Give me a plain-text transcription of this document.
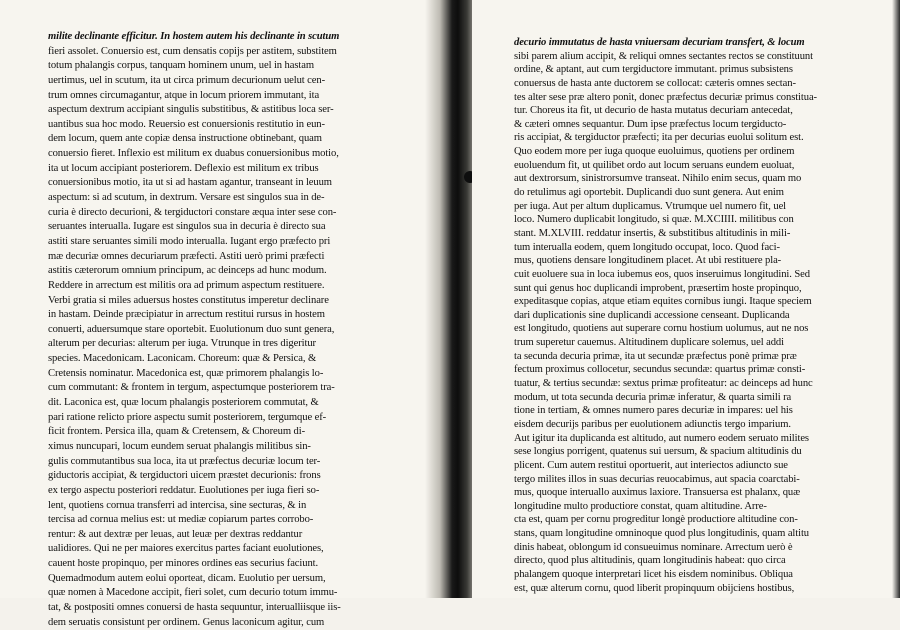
milite declinante efficitur. In hostem autem his declinante in scutum
fieri assolet. Conuersio est, cum densatis copijs per astitem, substitem
totum phalangis corpus, tanquam hominem unum, uel in hastam
uertimus, uel in scutum, ita ut circa primum decurionum uelut cen-
trum omnes circumagantur, atque in locum priorem immutant, ita
aspectum dextrum accipiant singulis substitibus, & astitibus loca ser-
uantibus sua hoc modo. Reuersio est conuersionis restitutio in eun-
dem locum, quem ante copiæ densa instructione obtinebant, quam
conuersio fieret. Inflexio est militum ex duabus conuersionibus motio,
ita ut locum accipiant posteriorem. Deflexio est militum ex tribus
conuersionibus motio, ita ut si ad hastam agantur, transeant in leuum
aspectum: si ad scutum, in dextrum. Versare est singulos sua in de-
curia è directo decurioni, & tergiductori constare æqua inter sese con-
seruantes interualla. Iugare est singulos sua in decuria è directo sua
astiti stare seruantes simili modo interualla. Iugant ergo præfecto pri
mæ decuriæ omnes decuriarum præfecti. Astiti uerò primi præfecti
astitis cæterorum omnium principum, ac deinceps ad hunc modum.
Reddere in arrectum est militis ora ad primum aspectum restituere.
Verbi gratia si miles aduersus hostes constitutus imperetur declinare
in hastam. Deinde præcipiatur in arrectum restitui rursus in hostem
conuerti, aduersumque stare oportebit. Euolutionum duo sunt genera,
alterum per decurias: alterum per iuga. Vtrunque in tres digeritur
species. Macedonicam. Laconicam. Choreum: quæ & Persica, &
Cretensis nominatur. Macedonica est, quæ primorem phalangis lo-
cum commutant: & frontem in tergum, aspectumque posteriorem tra-
dit. Laconica est, quæ locum phalangis posteriorem commutat, &
pari ratione relicto priore aspectu sumit posteriorem, tergumque ef-
ficit frontem. Persica illa, quam & Cretensem, & Choreum di-
ximus nuncupari, locum eundem seruat phalangis militibus sin-
gulis commutantibus sua loca, ita ut præfectus decuriæ locum ter-
giductoris accipiat, & tergiductori uicem præstet decurionis: frons
ex tergo aspectu posteriori reddatur. Euolutiones per iuga fieri so-
lent, quotiens cornua transferri ad intercisa, sine secturas, & in
tercisa ad cornua melius est: ut mediæ copiarum partes corrobo-
rentur: & aut dextræ per leuas, aut leuæ per dextras reddantur
ualidiores. Qui ne per maiores exercitus partes faciant euolutiones,
cauent hoste propinquo, per minores ordines eas securius faciunt.
Quemadmodum autem eolui oporteat, dicam. Euolutio per uersum,
quæ nomen à Macedone accipit, fieri solet, cum decurio totum immu-
tat, & postpositi omnes conuersi de hasta sequuntur, interualliisque iis-
dem seruatis consistunt per ordinem. Genus laconicum agitur, cum
decurio immutatus de hasta vniuersam decuriam transfert, & locum
sibi parem alium accipit, & reliqui omnes sectantes rectos se constituunt
ordine, & aptant, aut cum tergiductore immutant. primus subsistens
conuersus de hasta ante ductorem se collocat: cæteris omnes sectan-
tes alter sese præ altero ponit, donec præfectus decuriæ primus constitua-
tur. Choreus ita fit, ut decurio de hasta mutatus decuriam antecedat,
& cæteri omnes sequantur. Dum ipse præfectus locum tergiducto-
ris accipiat, & tergiductor præfecti; ita per decurias euolui solitum est.
Quo eodem more per iuga quoque euoluimus, quotiens per ordinem
euoluendum fit, ut quilibet ordo aut locum seruans eundem euoluat,
aut dextrorsum, sinistrorsumve transeat. Nihilo enim secus, quam mo
do retulimus agi oportebit. Duplicandi duo sunt genera. Aut enim
per iuga. Aut per altum duplicamus. Vtrumque uel numero fit, uel
loco. Numero duplicabit longitudo, si quæ. M.XCIIII. militibus con
stant. M.XLVIII. reddatur insertis, & substitibus altitudinis in mili-
tum interualla eodem, quem longitudo occupat, loco. Quod faci-
mus, quotiens densare longitudinem placet. At ubi restituere pla-
cuit euoluere sua in loca iubemus eos, quos inseruimus longitudini. Sed
sunt qui genus hoc duplicandi improbent, præsertim hoste propinquo,
expeditasque copias, atque etiam equites cornibus iungi. Itaque speciem
dari duplicationis sine duplicandi accessione censeant. Duplicanda
est longitudo, quotiens aut superare cornu hostium uolumus, aut ne nos
trum superetur cauemus. Altitudinem duplicare solemus, uel addi
ta secunda decuria primæ, ita ut secundæ præfectus ponè primæ præ
fectum proximus collocetur, secundus secundæ: quartus primæ consti-
tuatur, & tertius secundæ: sextus primæ profiteatur: ac deinceps ad hunc
modum, ut tota secunda decuria primæ inferatur, & quarta simili ra
tione in tertiam, & omnes numero pares decuriæ in impares: uel his
eisdem decurijs paribus per euolutionem adiunctis tergo imparium.
Aut igitur ita duplicanda est altitudo, aut numero eodem seruato milites
sese longius porrigent, quatenus sui uersum, & spacium altitudinis du
plicent. Cum autem restitui oportuerit, aut interiectos adiuncto sue
tergo milites illos in suas decurias reuocabimus, aut spacia coarctabi-
mus, quoque interuallo auximus laxiore. Transuersa est phalanx, quæ
longitudine multo productiore constat, quam altitudine. Arre-
cta est, quam per cornu progreditur longè productiore altitudine con-
stans, quam longitudine omninoque quod plus longitudinis, quam altitu
dinis habeat, oblongum id consueuimus nominare. Arrectum uerò è
directo, quod plus altitudinis, quam longitudinis habeat: quo circa
phalangem quoque interpretari licet his eisdem nominibus. Obliqua
est, quæ alterum cornu, quod liberit propinquum obijciens hostibus,
